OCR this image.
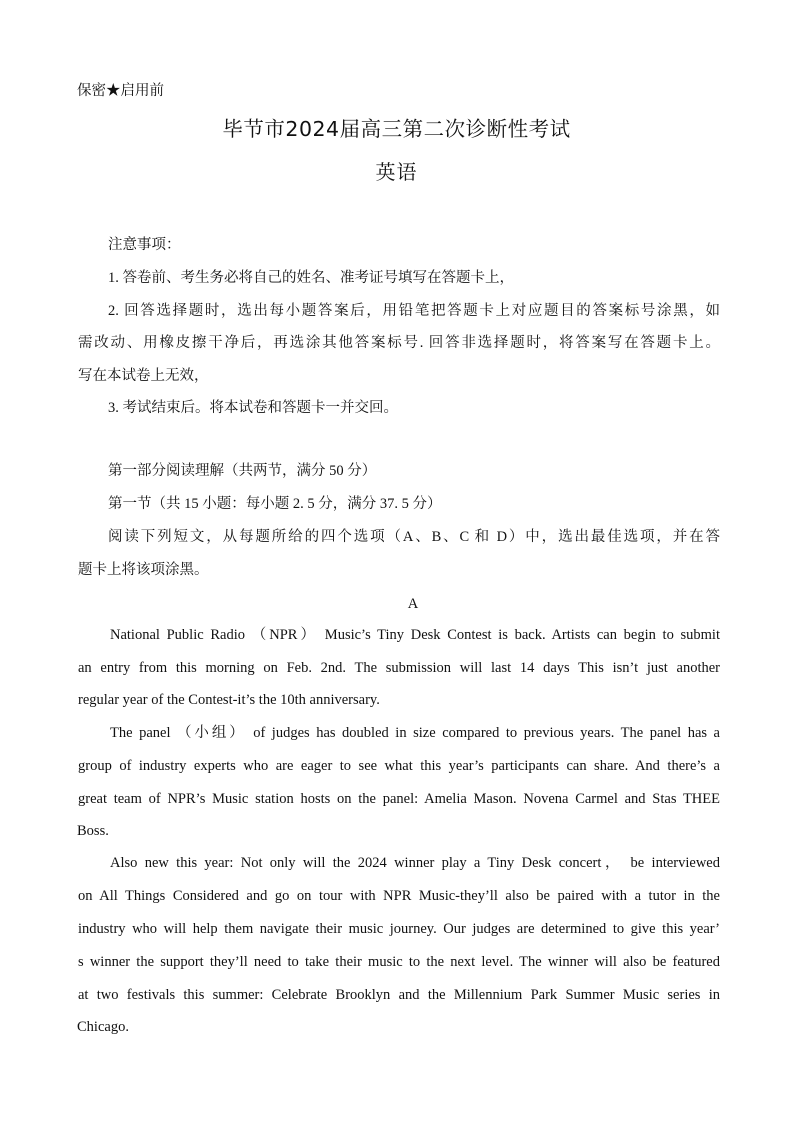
保密★启用前
毕节市2024届高三第二次诊断性考试
英语
注意事项：
1. 答卷前、考生务必将自己的姓名、准考证号填写在答题卡上，
2. 回答选择题时，选出每小题答案后，用铅笔把答题卡上对应题目的答案标号涂黑，如
需改动、用橡皮擦干净后，再选涂其他答案标号. 回答非选择题时，将答案写在答题卡上。
写在本试卷上无效，
3. 考试结束后。将本试卷和答题卡一并交回。
第一部分阅读理解（共两节，满分 50 分）
第一节（共 15 小题：每小题 2. 5 分，满分 37. 5 分）
阅读下列短文，从每题所给的四个选项（A、B、C 和 D）中，选出最佳选项，并在答
题卡上将该项涂黑。
A
National Public Radio （NPR） Music’s Tiny Desk Contest is back. Artists can begin to submit
an entry from this morning on Feb. 2nd. The submission will last 14 days This isn’t just another
regular year of the Contest-it’s the 10th anniversary.
The panel （小组） of judges has doubled in size compared to previous years. The panel has a
group of industry experts who are eager to see what this year’s participants can share. And there’s a
great team of NPR’s Music station hosts on the panel: Amelia Mason. Novena Carmel and Stas THEE
Boss.
Also new this year: Not only will the 2024 winner play a Tiny Desk concert， be interviewed
on All Things Considered and go on tour with NPR Music-they’ll also be paired with a tutor in the
industry who will help them navigate their music journey. Our judges are determined to give this year’
s winner the support they’ll need to take their music to the next level. The winner will also be featured
at two festivals this summer: Celebrate Brooklyn and the Millennium Park Summer Music series in
Chicago.
